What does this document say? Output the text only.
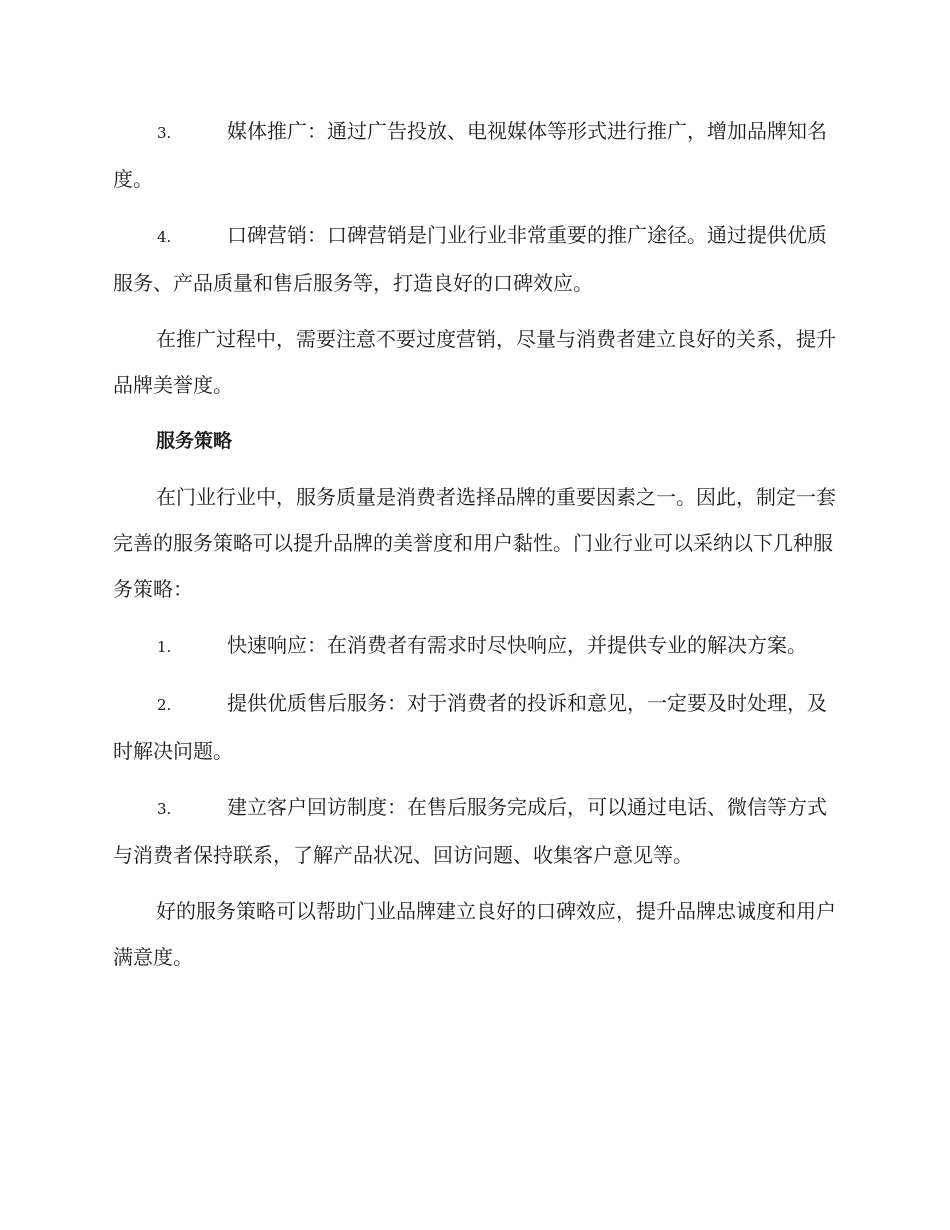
3.	媒体推广：通过广告投放、电视媒体等形式进行推广，增加品牌知名度。

4.	口碑营销：口碑营销是门业行业非常重要的推广途径。通过提供优质服务、产品质量和售后服务等，打造良好的口碑效应。

在推广过程中，需要注意不要过度营销，尽量与消费者建立良好的关系，提升品牌美誉度。

服务策略

在门业行业中，服务质量是消费者选择品牌的重要因素之一。因此，制定一套完善的服务策略可以提升品牌的美誉度和用户黏性。门业行业可以采纳以下几种服务策略：

1.	快速响应：在消费者有需求时尽快响应，并提供专业的解决方案。

2.	提供优质售后服务：对于消费者的投诉和意见，一定要及时处理，及时解决问题。

3.	建立客户回访制度：在售后服务完成后，可以通过电话、微信等方式与消费者保持联系，了解产品状况、回访问题、收集客户意见等。

好的服务策略可以帮助门业品牌建立良好的口碑效应，提升品牌忠诚度和用户满意度。
